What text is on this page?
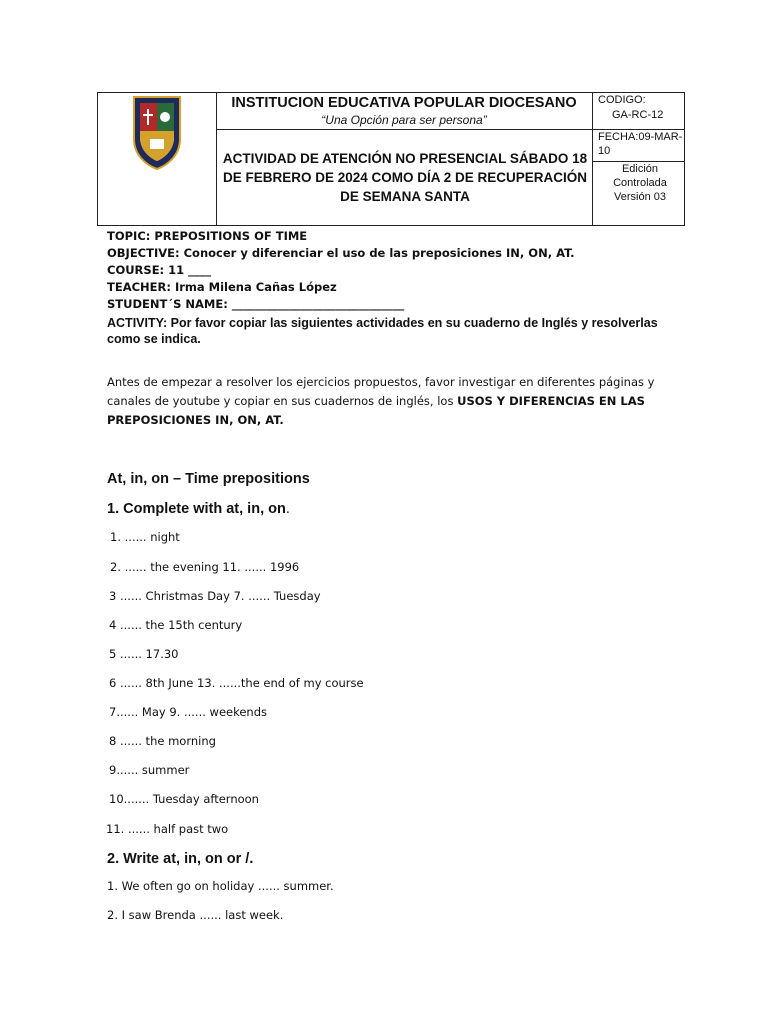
INSTITUCION EDUCATIVA POPULAR DIOCESANO
“Una Opción para ser persona”
ACTIVIDAD DE ATENCIÓN NO PRESENCIAL SÁBADO 18 DE FEBRERO DE 2024 COMO DÍA 2 DE RECUPERACIÓN DE SEMANA SANTA
CODIGO:
GA-RC-12
FECHA:09-MAR-10
Edición
Controlada
Versión 03
TOPIC: PREPOSITIONS OF TIME
OBJECTIVE: Conocer y diferenciar el uso de las preposiciones IN, ON, AT.
COURSE: 11 ____
TEACHER: Irma Milena Cañas López
STUDENT´S NAME: ______________________________
ACTIVITY: Por favor copiar las siguientes actividades en su cuaderno de Inglés y resolverlas como se indica.
Antes de empezar a resolver los ejercicios propuestos, favor investigar en diferentes páginas y canales de youtube y copiar en sus cuadernos de inglés, los USOS Y DIFERENCIAS EN LAS PREPOSICIONES IN, ON, AT.
At, in, on – Time prepositions
1. Complete with at, in, on.
1. ...... night
2. ...... the evening 11. ...... 1996
3 ...... Christmas Day 7. ...... Tuesday
4 ...... the 15th century
5 ...... 17.30
6 ...... 8th June 13. ......the end of my course
7...... May 9. ...... weekends
8 ...... the morning
9...... summer
10....... Tuesday afternoon
11. ...... half past two
2. Write at, in, on or /.
1. We often go on holiday ...... summer.
2. I saw Brenda ...... last week.
